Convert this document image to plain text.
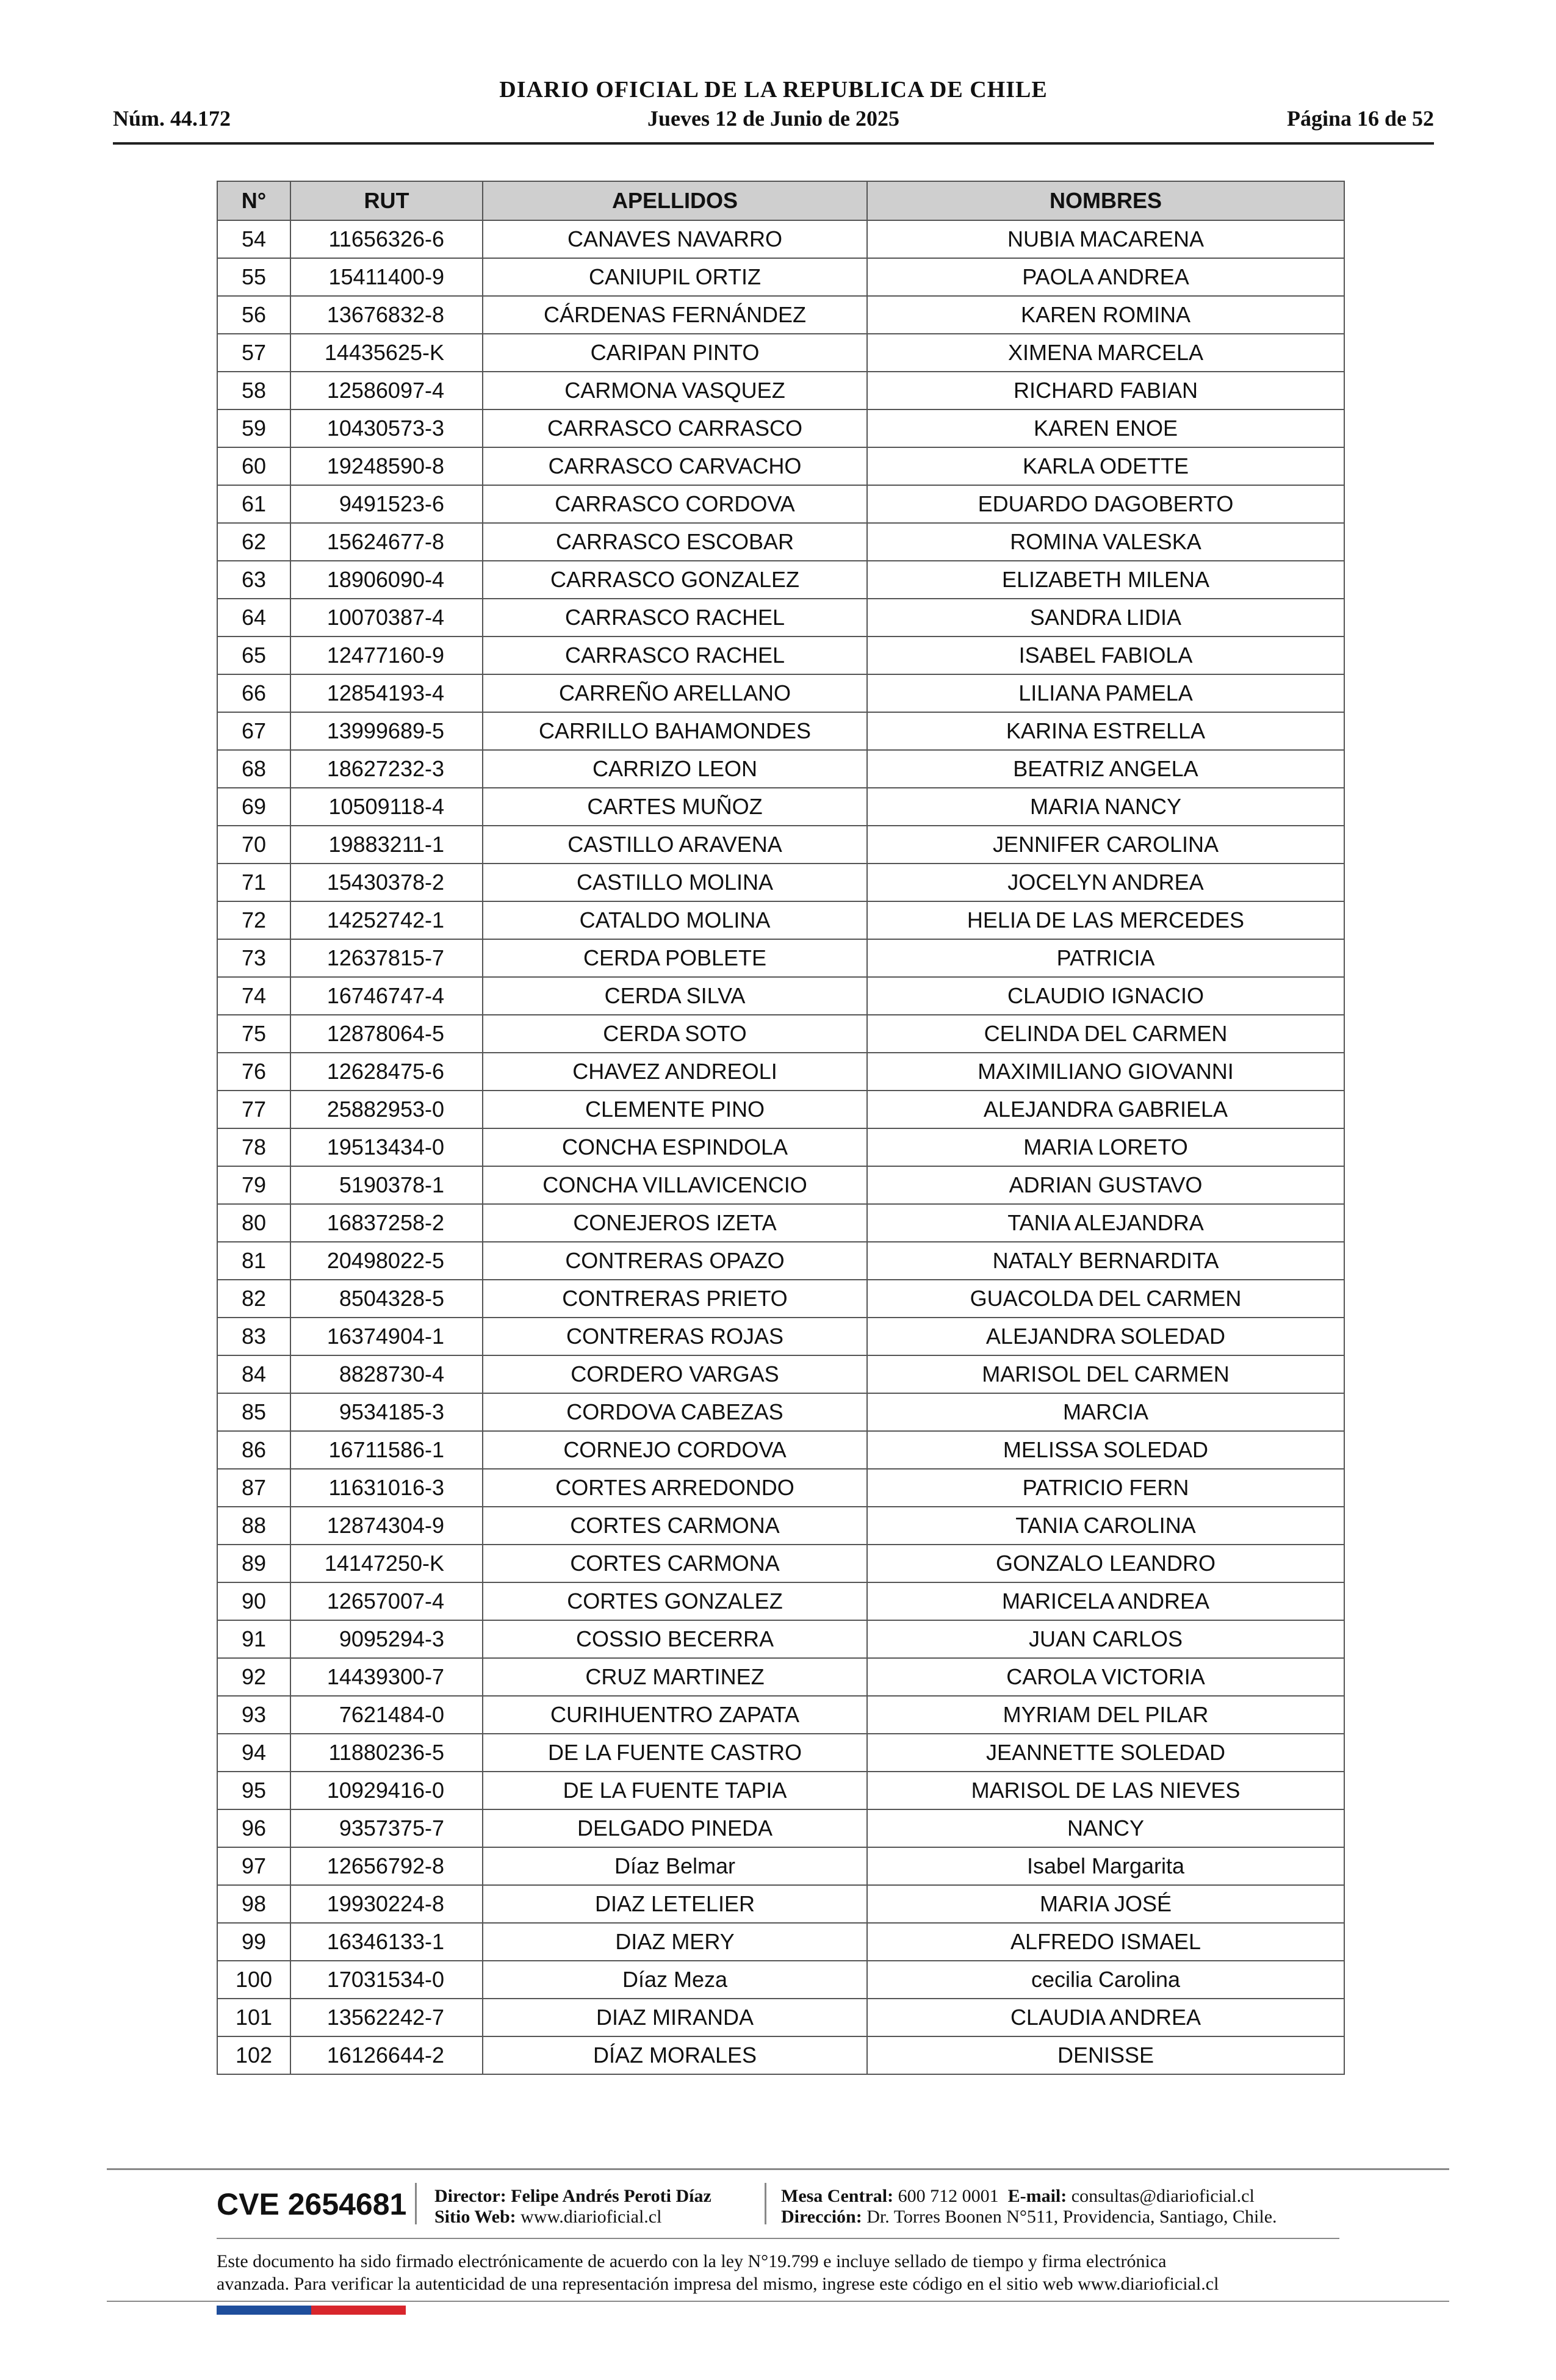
DIARIO OFICIAL DE LA REPUBLICA DE CHILE
Núm. 44.172	Jueves 12 de Junio de 2025	Página 16 de 52
N°	RUT	APELLIDOS	NOMBRES
54	11656326-6	CANAVES NAVARRO	NUBIA MACARENA
55	15411400-9	CANIUPIL ORTIZ	PAOLA ANDREA
56	13676832-8	CÁRDENAS FERNÁNDEZ	KAREN ROMINA
57	14435625-K	CARIPAN PINTO	XIMENA MARCELA
58	12586097-4	CARMONA VASQUEZ	RICHARD FABIAN
59	10430573-3	CARRASCO CARRASCO	KAREN ENOE
60	19248590-8	CARRASCO CARVACHO	KARLA ODETTE
61	9491523-6	CARRASCO CORDOVA	EDUARDO DAGOBERTO
62	15624677-8	CARRASCO ESCOBAR	ROMINA VALESKA
63	18906090-4	CARRASCO GONZALEZ	ELIZABETH MILENA
64	10070387-4	CARRASCO RACHEL	SANDRA LIDIA
65	12477160-9	CARRASCO RACHEL	ISABEL FABIOLA
66	12854193-4	CARREÑO ARELLANO	LILIANA PAMELA
67	13999689-5	CARRILLO BAHAMONDES	KARINA ESTRELLA
68	18627232-3	CARRIZO LEON	BEATRIZ ANGELA
69	10509118-4	CARTES MUÑOZ	MARIA NANCY
70	19883211-1	CASTILLO ARAVENA	JENNIFER CAROLINA
71	15430378-2	CASTILLO MOLINA	JOCELYN ANDREA
72	14252742-1	CATALDO MOLINA	HELIA DE LAS MERCEDES
73	12637815-7	CERDA POBLETE	PATRICIA
74	16746747-4	CERDA SILVA	CLAUDIO IGNACIO
75	12878064-5	CERDA SOTO	CELINDA DEL CARMEN
76	12628475-6	CHAVEZ ANDREOLI	MAXIMILIANO GIOVANNI
77	25882953-0	CLEMENTE PINO	ALEJANDRA GABRIELA
78	19513434-0	CONCHA ESPINDOLA	MARIA LORETO
79	5190378-1	CONCHA VILLAVICENCIO	ADRIAN GUSTAVO
80	16837258-2	CONEJEROS IZETA	TANIA ALEJANDRA
81	20498022-5	CONTRERAS OPAZO	NATALY BERNARDITA
82	8504328-5	CONTRERAS PRIETO	GUACOLDA DEL CARMEN
83	16374904-1	CONTRERAS ROJAS	ALEJANDRA SOLEDAD
84	8828730-4	CORDERO VARGAS	MARISOL DEL CARMEN
85	9534185-3	CORDOVA CABEZAS	MARCIA
86	16711586-1	CORNEJO CORDOVA	MELISSA SOLEDAD
87	11631016-3	CORTES ARREDONDO	PATRICIO FERN
88	12874304-9	CORTES CARMONA	TANIA CAROLINA
89	14147250-K	CORTES CARMONA	GONZALO LEANDRO
90	12657007-4	CORTES GONZALEZ	MARICELA ANDREA
91	9095294-3	COSSIO BECERRA	JUAN CARLOS
92	14439300-7	CRUZ MARTINEZ	CAROLA VICTORIA
93	7621484-0	CURIHUENTRO ZAPATA	MYRIAM DEL PILAR
94	11880236-5	DE LA FUENTE CASTRO	JEANNETTE SOLEDAD
95	10929416-0	DE LA FUENTE TAPIA	MARISOL DE LAS NIEVES
96	9357375-7	DELGADO PINEDA	NANCY
97	12656792-8	Díaz Belmar	Isabel Margarita
98	19930224-8	DIAZ LETELIER	MARIA JOSÉ
99	16346133-1	DIAZ MERY	ALFREDO ISMAEL
100	17031534-0	Díaz Meza	cecilia Carolina
101	13562242-7	DIAZ MIRANDA	CLAUDIA ANDREA
102	16126644-2	DÍAZ MORALES	DENISSE
CVE 2654681 Director: Felipe Andrés Peroti Díaz
Sitio Web: www.diarioficial.cl
Mesa Central: 600 712 0001 E-mail: consultas@diarioficial.cl
Dirección: Dr. Torres Boonen N°511, Providencia, Santiago, Chile.
Este documento ha sido firmado electrónicamente de acuerdo con la ley N°19.799 e incluye sellado de tiempo y firma electrónica
avanzada. Para verificar la autenticidad de una representación impresa del mismo, ingrese este código en el sitio web www.diarioficial.cl
